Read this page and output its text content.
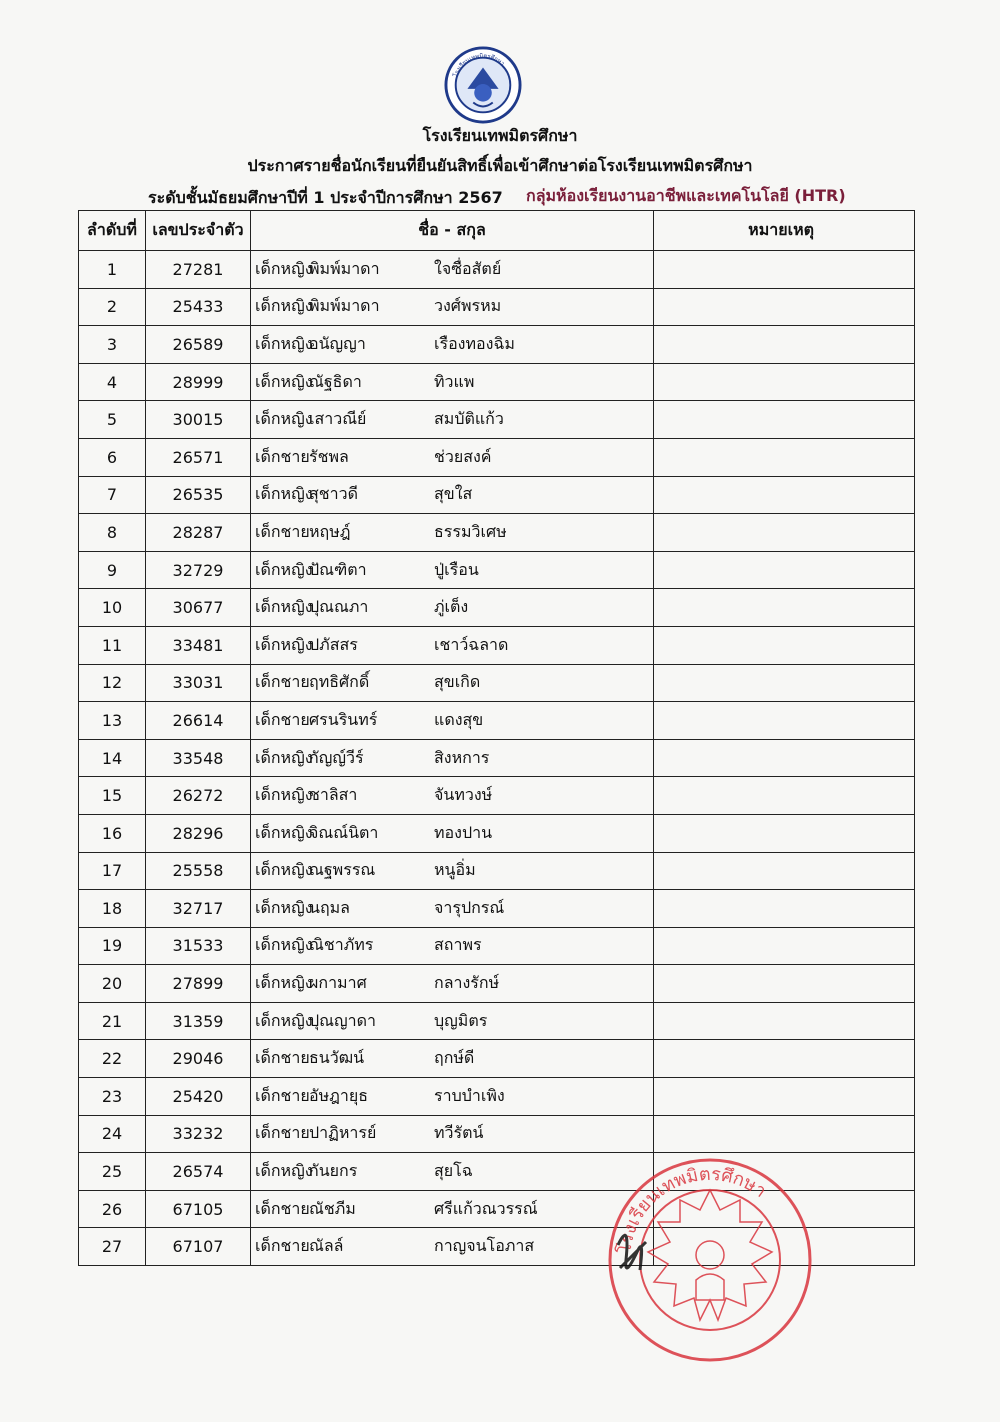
โรงเรียนเทพมิตรศึกษา
โรงเรียนเทพมิตรศึกษา
ประกาศรายชื่อนักเรียนที่ยืนยันสิทธิ์เพื่อเข้าศึกษาต่อโรงเรียนเทพมิตรศึกษา
ระดับชั้นมัธยมศึกษาปีที่ 1 ประจำปีการศึกษา 2567 กลุ่มห้องเรียนงานอาชีพและเทคโนโลยี (HTR)
ลำดับที่	เลขประจำตัว	ชื่อ - สกุล	หมายเหตุ
1	27281	เด็กหญิงพิมพ์มาดา ใจซื่อสัตย์	
2	25433	เด็กหญิงพิมพ์มาดา วงศ์พรหม	
3	26589	เด็กหญิงอนัญญา เรืองทองฉิม	
4	28999	เด็กหญิงณัฐธิดา ทิวแพ	
5	30015	เด็กหญิงเสาวณีย์ สมบัติแก้ว	
6	26571	เด็กชายรัชพล ช่วยสงค์	
7	26535	เด็กหญิงสุชาวดี สุขใส	
8	28287	เด็กชายหฤษฎ์ ธรรมวิเศษ	
9	32729	เด็กหญิงปัณฑิตา ปู่เรือน	
10	30677	เด็กหญิงปุณณภา ภู่เต็ง	
11	33481	เด็กหญิงปภัสสร เชาว์ฉลาด	
12	33031	เด็กชายฤทธิศักดิ์ สุขเกิด	
13	26614	เด็กชายศรนรินทร์ แดงสุข	
14	33548	เด็กหญิงกัญญ์วีร์ สิงหการ	
15	26272	เด็กหญิงชาลิสา จันทวงษ์	
16	28296	เด็กหญิงจิณณ์นิตา ทองปาน	
17	25558	เด็กหญิงณฐพรรณ หนูอิ่ม	
18	32717	เด็กหญิงนฤมล จารุปกรณ์	
19	31533	เด็กหญิงณิชาภัทร สถาพร	
20	27899	เด็กหญิงผกามาศ กลางรักษ์	
21	31359	เด็กหญิงปุณญาดา บุญมิตร	
22	29046	เด็กชายธนวัฒน์ ฤกษ์ดี	
23	25420	เด็กชายอัษฎายุธ ราบบำเพิง	
24	33232	เด็กชายปาฏิหารย์ ทวีรัตน์	
25	26574	เด็กหญิงกันยกร สุยโฉ	
26	67105	เด็กชายณัชภีม ศรีแก้วณวรรณ์	
27	67107	เด็กชายณัลล์ กาญจนโอภาส		โรงเรียนเทพมิตรศึกษา
